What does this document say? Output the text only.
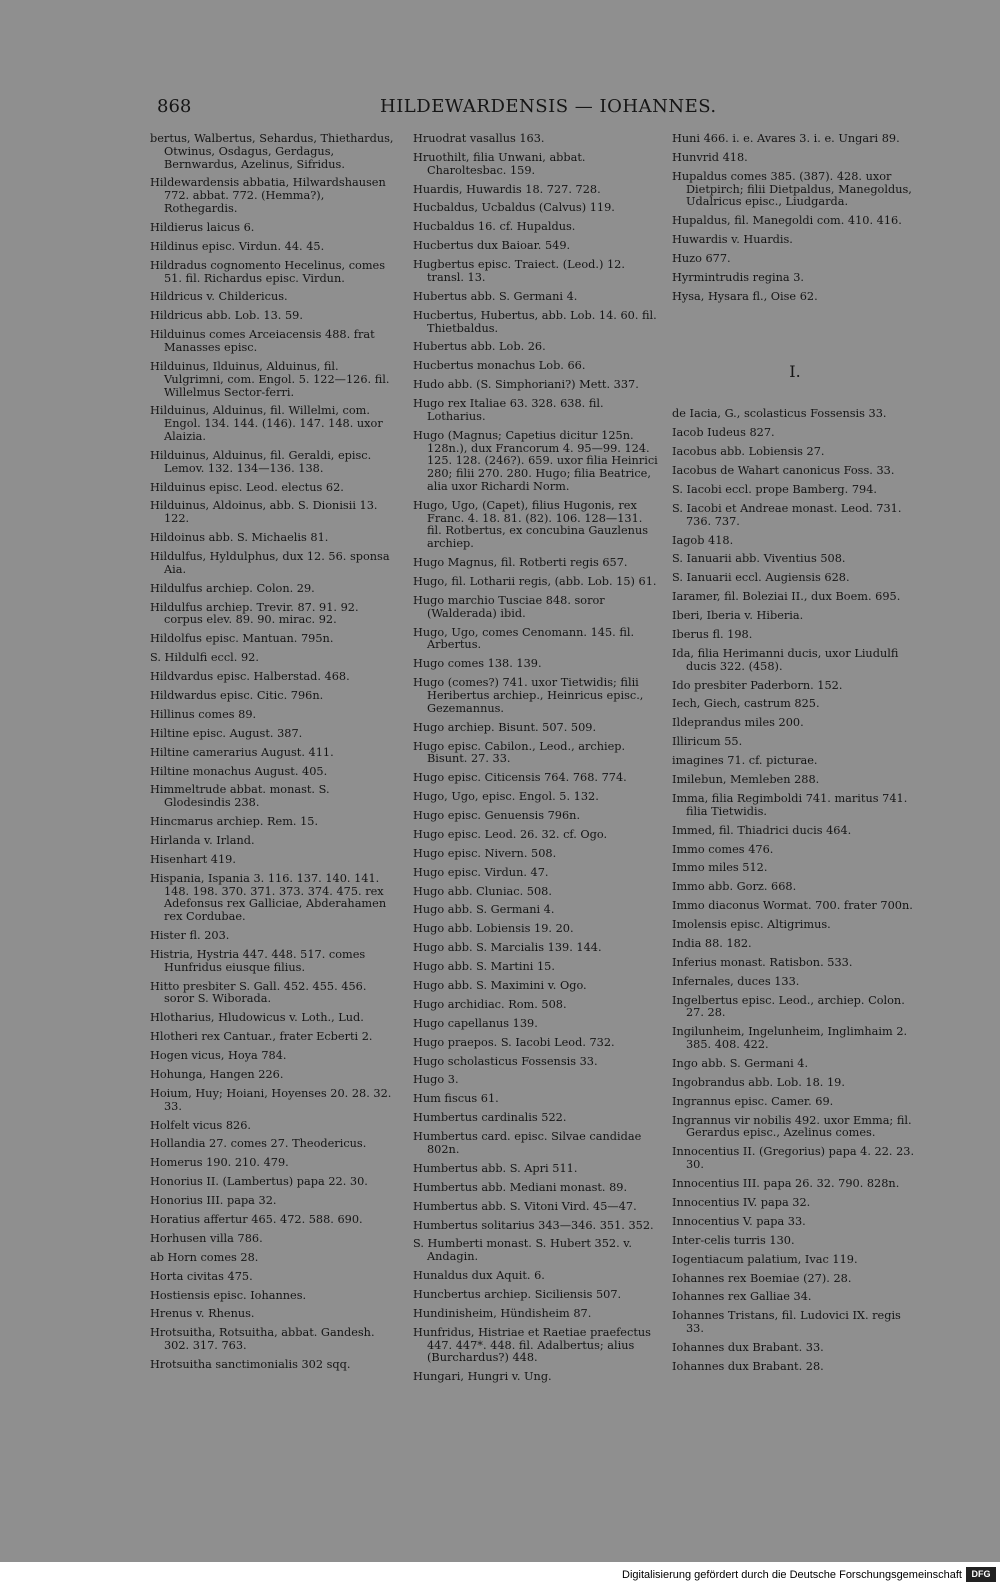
868	HILDEWARDENSIS — IOHANNES.
bertus, Walbertus, Sehardus, Thiethardus, Otwinus, Osdagus, Gerdagus, Bernwardus, Azelinus, Sifridus.
Hildewardensis abbatia, Hilwardshausen 772. abbat. 772. (Hemma?), Rothegardis.
Hildierus laicus 6.
Hildinus episc. Virdun. 44. 45.
Hildradus cognomento Hecelinus, comes 51. fil. Richardus episc. Virdun.
Hildricus v. Childericus.
Hildricus abb. Lob. 13. 59.
Hilduinus comes Arceiacensis 488. frat Manasses episc.
Hilduinus, Ilduinus, Alduinus, fil. Vulgrimni, com. Engol. 5. 122—126. fil. Willelmus Sector-ferri.
Hilduinus, Alduinus, fil. Willelmi, com. Engol. 134. 144. (146). 147. 148. uxor Alaizia.
Hilduinus, Alduinus, fil. Geraldi, episc. Lemov. 132. 134—136. 138.
Hilduinus episc. Leod. electus 62.
Hilduinus, Aldoinus, abb. S. Dionisii 13. 122.
Hildoinus abb. S. Michaelis 81.
Hildulfus, Hyldulphus, dux 12. 56. sponsa Aia.
Hildulfus archiep. Colon. 29.
Hildulfus archiep. Trevir. 87. 91. 92. corpus elev. 89. 90. mirac. 92.
Hildolfus episc. Mantuan. 795n.
S. Hildulfi eccl. 92.
Hildvardus episc. Halberstad. 468.
Hildwardus episc. Citic. 796n.
Hillinus comes 89.
Hiltine episc. August. 387.
Hiltine camerarius August. 411.
Hiltine monachus August. 405.
Himmeltrude abbat. monast. S. Glodesindis 238.
Hincmarus archiep. Rem. 15.
Hirlanda v. Irland.
Hisenhart 419.
Hispania, Ispania 3. 116. 137. 140. 141. 148. 198. 370. 371. 373. 374. 475. rex Adefonsus rex Galliciae, Abderahamen rex Cordubae.
Hister fl. 203.
Histria, Hystria 447. 448. 517. comes Hunfridus eiusque filius.
Hitto presbiter S. Gall. 452. 455. 456. soror S. Wiborada.
Hlotharius, Hludowicus v. Loth., Lud.
Hlotheri rex Cantuar., frater Ecberti 2.
Hogen vicus, Hoya 784.
Hohunga, Hangen 226.
Hoium, Huy; Hoiani, Hoyenses 20. 28. 32. 33.
Holfelt vicus 826.
Hollandia 27. comes 27. Theodericus.
Homerus 190. 210. 479.
Honorius II. (Lambertus) papa 22. 30.
Honorius III. papa 32.
Horatius affertur 465. 472. 588. 690.
Horhusen villa 786.
ab Horn comes 28.
Horta civitas 475.
Hostiensis episc. Iohannes.
Hrenus v. Rhenus.
Hrotsuitha, Rotsuitha, abbat. Gandesh. 302. 317. 763.
Hrotsuitha sanctimonialis 302 sqq.
Hruodrat vasallus 163.
Hruothilt, filia Unwani, abbat. Charoltesbac. 159.
Huardis, Huwardis 18. 727. 728.
Hucbaldus, Ucbaldus (Calvus) 119.
Hucbaldus 16. cf. Hupaldus.
Hucbertus dux Baioar. 549.
Hugbertus episc. Traiect. (Leod.) 12. transl. 13.
Hubertus abb. S. Germani 4.
Hucbertus, Hubertus, abb. Lob. 14. 60. fil. Thietbaldus.
Hubertus abb. Lob. 26.
Hucbertus monachus Lob. 66.
Hudo abb. (S. Simphoriani?) Mett. 337.
Hugo rex Italiae 63. 328. 638. fil. Lotharius.
Hugo (Magnus; Capetius dicitur 125n. 128n.), dux Francorum 4. 95—99. 124. 125. 128. (246?). 659. uxor filia Heinrici 280; filii 270. 280. Hugo; filia Beatrice, alia uxor Richardi Norm.
Hugo, Ugo, (Capet), filius Hugonis, rex Franc. 4. 18. 81. (82). 106. 128—131. fil. Rotbertus, ex concubina Gauzlenus archiep.
Hugo Magnus, fil. Rotberti regis 657.
Hugo, fil. Lotharii regis, (abb. Lob. 15) 61.
Hugo marchio Tusciae 848. soror (Walderada) ibid.
Hugo, Ugo, comes Cenomann. 145. fil. Arbertus.
Hugo comes 138. 139.
Hugo (comes?) 741. uxor Tietwidis; filii Heribertus archiep., Heinricus episc., Gezemannus.
Hugo archiep. Bisunt. 507. 509.
Hugo episc. Cabilon., Leod., archiep. Bisunt. 27. 33.
Hugo episc. Citicensis 764. 768. 774.
Hugo, Ugo, episc. Engol. 5. 132.
Hugo episc. Genuensis 796n.
Hugo episc. Leod. 26. 32. cf. Ogo.
Hugo episc. Nivern. 508.
Hugo episc. Virdun. 47.
Hugo abb. Cluniac. 508.
Hugo abb. S. Germani 4.
Hugo abb. Lobiensis 19. 20.
Hugo abb. S. Marcialis 139. 144.
Hugo abb. S. Martini 15.
Hugo abb. S. Maximini v. Ogo.
Hugo archidiac. Rom. 508.
Hugo capellanus 139.
Hugo praepos. S. Iacobi Leod. 732.
Hugo scholasticus Fossensis 33.
Hugo 3.
Hum fiscus 61.
Humbertus cardinalis 522.
Humbertus card. episc. Silvae candidae 802n.
Humbertus abb. S. Apri 511.
Humbertus abb. Mediani monast. 89.
Humbertus abb. S. Vitoni Vird. 45—47.
Humbertus solitarius 343—346. 351. 352.
S. Humberti monast. S. Hubert 352. v. Andagin.
Hunaldus dux Aquit. 6.
Huncbertus archiep. Siciliensis 507.
Hundinisheim, Hündisheim 87.
Hunfridus, Histriae et Raetiae praefectus 447. 447*. 448. fil. Adalbertus; alius (Burchardus?) 448.
Hungari, Hungri v. Ung.
Huni 466. i. e. Avares 3. i. e. Ungari 89.
Hunvrid 418.
Hupaldus comes 385. (387). 428. uxor Dietpirch; filii Dietpaldus, Manegoldus, Udalricus episc., Liudgarda.
Hupaldus, fil. Manegoldi com. 410. 416.
Huwardis v. Huardis.
Huzo 677.
Hyrmintrudis regina 3.
Hysa, Hysara fl., Oise 62.
I.
de Iacia, G., scolasticus Fossensis 33.
Iacob Iudeus 827.
Iacobus abb. Lobiensis 27.
Iacobus de Wahart canonicus Foss. 33.
S. Iacobi eccl. prope Bamberg. 794.
S. Iacobi et Andreae monast. Leod. 731. 736. 737.
Iagob 418.
S. Ianuarii abb. Viventius 508.
S. Ianuarii eccl. Augiensis 628.
Iaramer, fil. Boleziai II., dux Boem. 695.
Iberi, Iberia v. Hiberia.
Iberus fl. 198.
Ida, filia Herimanni ducis, uxor Liudulfi ducis 322. (458).
Ido presbiter Paderborn. 152.
Iech, Giech, castrum 825.
Ildeprandus miles 200.
Illiricum 55.
imagines 71. cf. picturae.
Imilebun, Memleben 288.
Imma, filia Regimboldi 741. maritus 741. filia Tietwidis.
Immed, fil. Thiadrici ducis 464.
Immo comes 476.
Immo miles 512.
Immo abb. Gorz. 668.
Immo diaconus Wormat. 700. frater 700n.
Imolensis episc. Altigrimus.
India 88. 182.
Inferius monast. Ratisbon. 533.
Infernales, duces 133.
Ingelbertus episc. Leod., archiep. Colon. 27. 28.
Ingilunheim, Ingelunheim, Inglimhaim 2. 385. 408. 422.
Ingo abb. S. Germani 4.
Ingobrandus abb. Lob. 18. 19.
Ingrannus episc. Camer. 69.
Ingrannus vir nobilis 492. uxor Emma; fil. Gerardus episc., Azelinus comes.
Innocentius II. (Gregorius) papa 4. 22. 23. 30.
Innocentius III. papa 26. 32. 790. 828n.
Innocentius IV. papa 32.
Innocentius V. papa 33.
Inter-celis turris 130.
Iogentiacum palatium, Ivac 119.
Iohannes rex Boemiae (27). 28.
Iohannes rex Galliae 34.
Iohannes Tristans, fil. Ludovici IX. regis 33.
Iohannes dux Brabant. 33.
Iohannes dux Brabant. 28.
Digitalisierung gefördert durch die Deutsche Forschungsgemeinschaft	DFG
